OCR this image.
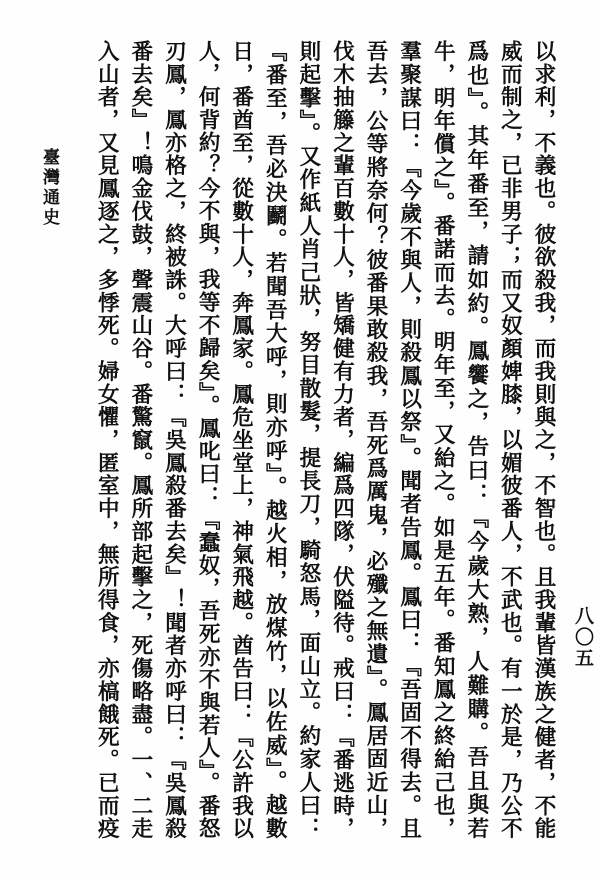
以求利，不義也。彼欲殺我，而我則與之，不智也。且我輩皆漢族之健者，不能威而制之，已非男子；而又奴顏婢膝，以媚彼番人，不武也。有一於是，乃公不爲也』。其年番至，請如約。鳳饗之，告曰：『今歲大熟，人難購。吾且與若牛，明年償之』。番諾而去。明年至，又紿之。如是五年。番知鳳之終紿己也，羣聚謀曰：『今歲不與人，則殺鳳以祭』。聞者告鳳。鳳曰：『吾固不得去。且吾去，公等將奈何？彼番果敢殺我，吾死爲厲鬼，必殲之無遺』。鳳居固近山，伐木抽籐之輩百數十人，皆矯健有力者，編爲四隊，伏隘待。戒曰：『番逃時，則起擊』。又作紙人肖己狀，努目散髮，提長刀，騎怒馬，面山立。約家人曰：『番至，吾必決鬬。若聞吾大呼，則亦呼』。越火相，放煤竹，以佐威』。越數日，番酋至，從數十人，奔鳳家。鳳危坐堂上，神氣飛越。酋告曰：『公許我以人，何背約？今不與，我等不歸矣』。鳳叱曰：『蠢奴，吾死亦不與若人』。番怒刃鳳，鳳亦格之，終被誅。大呼曰：『吳鳳殺番去矣』！聞者亦呼曰：『吳鳳殺番去矣』！鳴金伐鼓，聲震山谷。番驚竄。鳳所部起擊之，死傷略盡。一、二走入山者，又見鳳逐之，多悸死。婦女懼，匿室中，無所得食，亦槁餓死。已而疫
臺灣通史
八〇五
